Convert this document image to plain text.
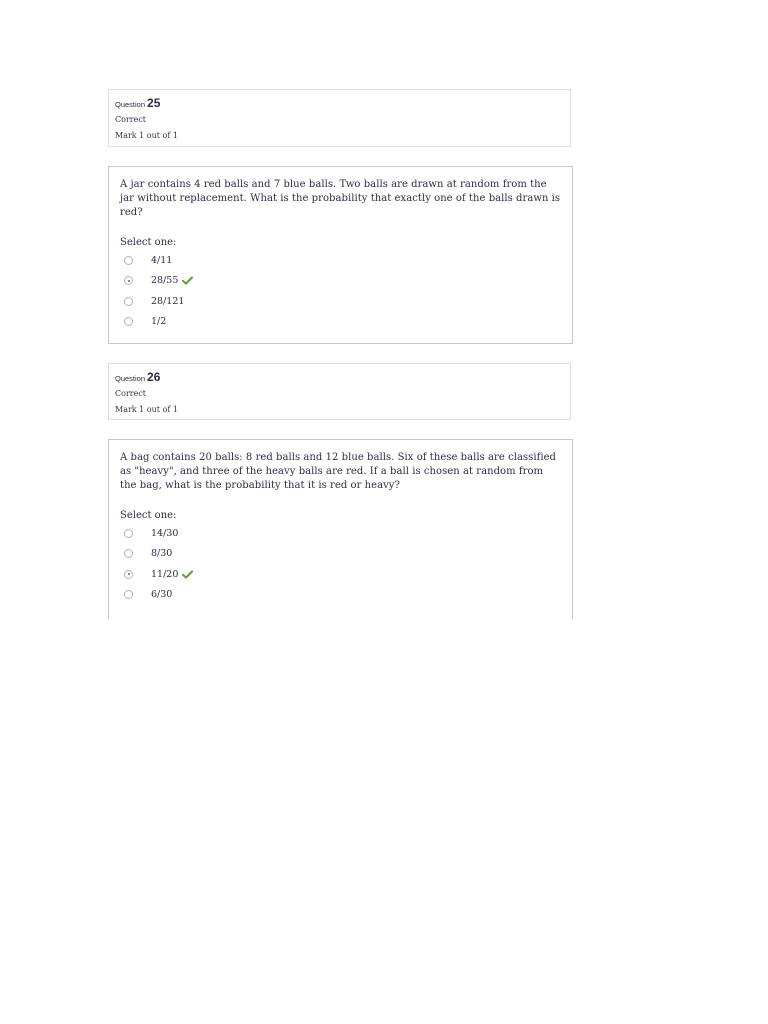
Question 25
Correct
Mark 1 out of 1
A jar contains 4 red balls and 7 blue balls. Two balls are drawn at random from the jar without replacement. What is the probability that exactly one of the balls drawn is red?
Select one:
4/11
28/55
28/121
1/2
Question 26
Correct
Mark 1 out of 1
A bag contains 20 balls: 8 red balls and 12 blue balls. Six of these balls are classified as "heavy", and three of the heavy balls are red. If a ball is chosen at random from the bag, what is the probability that it is red or heavy?
Select one:
14/30
8/30
11/20
6/30
